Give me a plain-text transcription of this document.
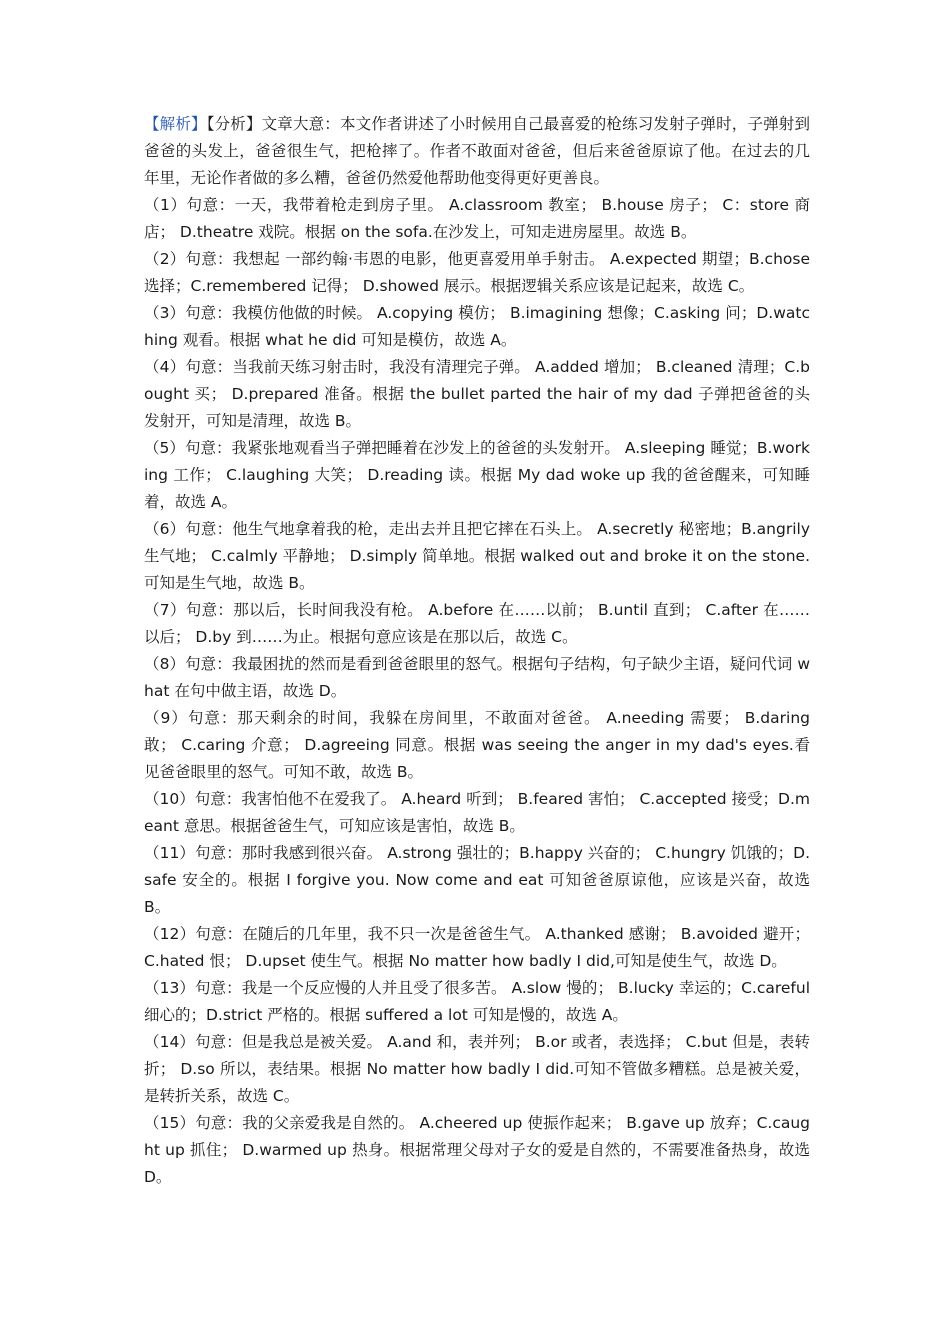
【解析】【分析】文章大意：本文作者讲述了小时候用自己最喜爱的枪练习发射子弹时，子弹射到爸爸的头发上，爸爸很生气，把枪摔了。作者不敢面对爸爸，但后来爸爸原谅了他。在过去的几年里，无论作者做的多么糟，爸爸仍然爱他帮助他变得更好更善良。

（1）句意：一天，我带着枪走到房子里。 A.classroom 教室； B.house 房子； C：store 商店； D.theatre 戏院。根据 on the sofa.在沙发上，可知走进房屋里。故选 B。

（2）句意：我想起 一部约翰·韦恩的电影，他更喜爱用单手射击。 A.expected 期望；B.chose 选择；C.remembered 记得； D.showed 展示。根据逻辑关系应该是记起来，故选 C。

（3）句意：我模仿他做的时候。 A.copying 模仿； B.imagining 想像；C.asking 问；D.watching 观看。根据 what he did 可知是模仿，故选 A。

（4）句意：当我前天练习射击时，我没有清理完子弹。 A.added 增加； B.cleaned 清理；C.bought 买； D.prepared 准备。根据 the bullet parted the hair of my dad 子弹把爸爸的头发射开，可知是清理，故选 B。

（5）句意：我紧张地观看当子弹把睡着在沙发上的爸爸的头发射开。 A.sleeping 睡觉；B.working 工作； C.laughing 大笑； D.reading 读。根据 My dad woke up 我的爸爸醒来，可知睡着，故选 A。

（6）句意：他生气地拿着我的枪，走出去并且把它摔在石头上。 A.secretly 秘密地；B.angrily 生气地； C.calmly 平静地； D.simply 简单地。根据 walked out and broke it on the stone.可知是生气地，故选 B。

（7）句意：那以后，长时间我没有枪。 A.before 在……以前； B.until 直到； C.after 在……以后； D.by 到……为止。根据句意应该是在那以后，故选 C。

（8）句意：我最困扰的然而是看到爸爸眼里的怒气。根据句子结构，句子缺少主语，疑问代词 what 在句中做主语，故选 D。

（9）句意：那天剩余的时间，我躲在房间里，不敢面对爸爸。 A.needing 需要； B.daring 敢； C.caring 介意； D.agreeing 同意。根据 was seeing the anger in my dad's eyes.看见爸爸眼里的怒气。可知不敢，故选 B。

（10）句意：我害怕他不在爱我了。 A.heard 听到； B.feared 害怕； C.accepted 接受；D.meant 意思。根据爸爸生气，可知应该是害怕，故选 B。

（11）句意：那时我感到很兴奋。 A.strong 强壮的；B.happy 兴奋的； C.hungry 饥饿的；D.safe 安全的。根据 I forgive you. Now come and eat 可知爸爸原谅他，应该是兴奋，故选 B。

（12）句意：在随后的几年里，我不只一次是爸爸生气。 A.thanked 感谢； B.avoided 避开； C.hated 恨； D.upset 使生气。根据 No matter how badly I did,可知是使生气，故选 D。

（13）句意：我是一个反应慢的人并且受了很多苦。 A.slow 慢的； B.lucky 幸运的；C.careful 细心的；D.strict 严格的。根据 suffered a lot 可知是慢的，故选 A。

（14）句意：但是我总是被关爱。 A.and 和，表并列； B.or 或者，表选择； C.but 但是，表转折； D.so 所以，表结果。根据 No matter how badly I did.可知不管做多糟糕。总是被关爱，是转折关系，故选 C。

（15）句意：我的父亲爱我是自然的。 A.cheered up 使振作起来； B.gave up 放弃；C.caught up 抓住； D.warmed up 热身。根据常理父母对子女的爱是自然的，不需要准备热身，故选 D。
